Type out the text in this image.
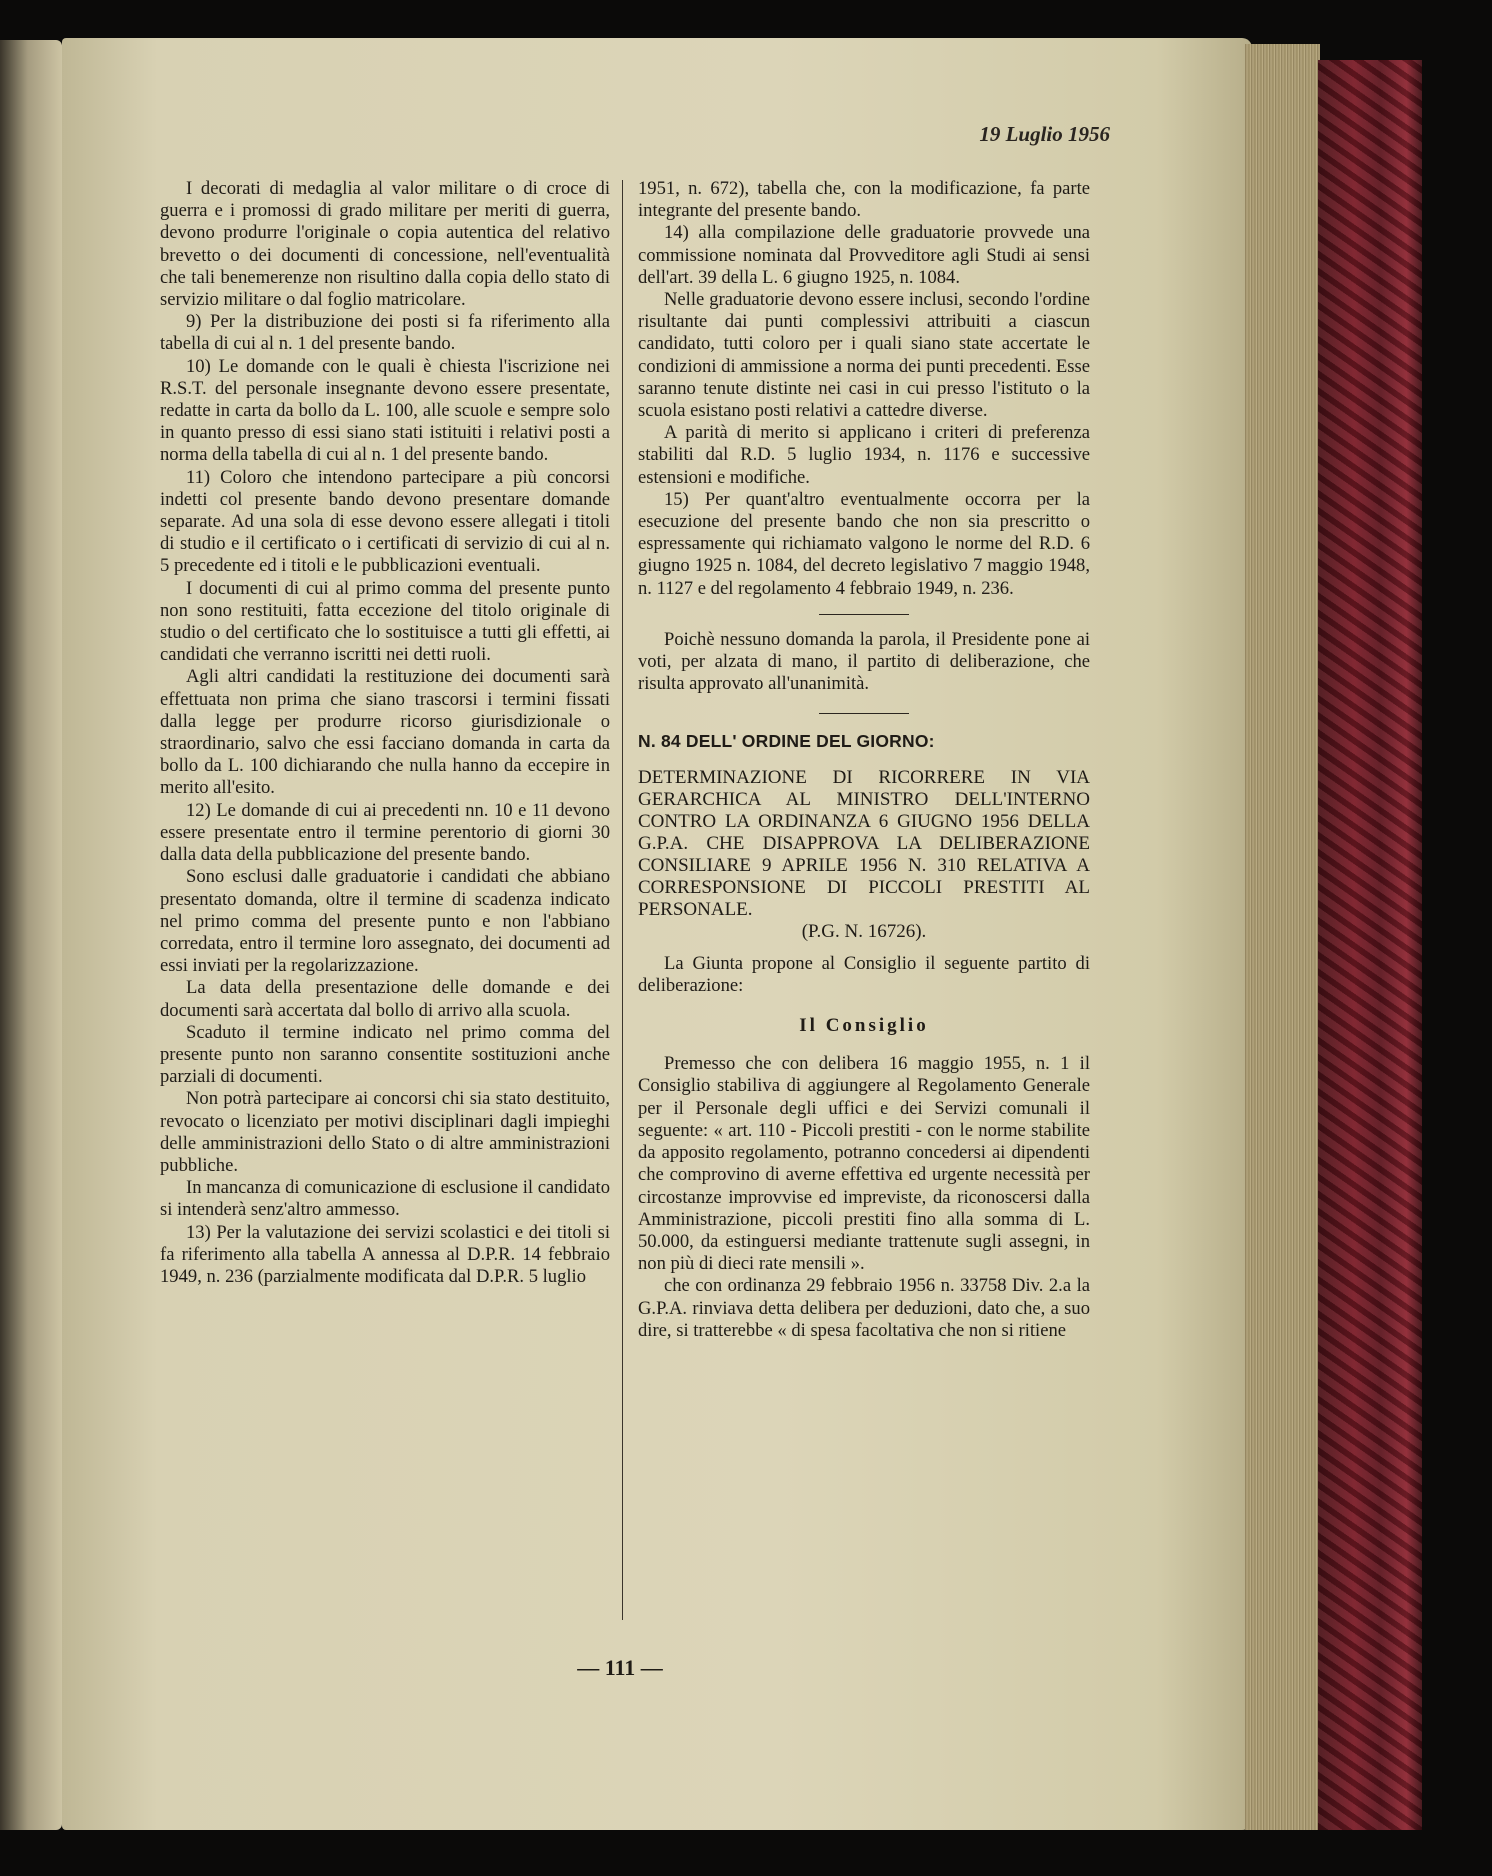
19 Luglio 1956

I decorati di medaglia al valor militare o di croce di guerra e i promossi di grado militare per meriti di guerra, devono produrre l'originale o copia autentica del relativo brevetto o dei documenti di concessione, nell'eventualità che tali benemerenze non risultino dalla copia dello stato di servizio militare o dal foglio matricolare.

9) Per la distribuzione dei posti si fa riferimento alla tabella di cui al n. 1 del presente bando.

10) Le domande con le quali è chiesta l'iscrizione nei R.S.T. del personale insegnante devono essere presentate, redatte in carta da bollo da L. 100, alle scuole e sempre solo in quanto presso di essi siano stati istituiti i relativi posti a norma della tabella di cui al n. 1 del presente bando.

11) Coloro che intendono partecipare a più concorsi indetti col presente bando devono presentare domande separate. Ad una sola di esse devono essere allegati i titoli di studio e il certificato o i certificati di servizio di cui al n. 5 precedente ed i titoli e le pubblicazioni eventuali.

I documenti di cui al primo comma del presente punto non sono restituiti, fatta eccezione del titolo originale di studio o del certificato che lo sostituisce a tutti gli effetti, ai candidati che verranno iscritti nei detti ruoli.

Agli altri candidati la restituzione dei documenti sarà effettuata non prima che siano trascorsi i termini fissati dalla legge per produrre ricorso giurisdizionale o straordinario, salvo che essi facciano domanda in carta da bollo da L. 100 dichiarando che nulla hanno da eccepire in merito all'esito.

12) Le domande di cui ai precedenti nn. 10 e 11 devono essere presentate entro il termine perentorio di giorni 30 dalla data della pubblicazione del presente bando.

Sono esclusi dalle graduatorie i candidati che abbiano presentato domanda, oltre il termine di scadenza indicato nel primo comma del presente punto e non l'abbiano corredata, entro il termine loro assegnato, dei documenti ad essi inviati per la regolarizzazione.

La data della presentazione delle domande e dei documenti sarà accertata dal bollo di arrivo alla scuola.

Scaduto il termine indicato nel primo comma del presente punto non saranno consentite sostituzioni anche parziali di documenti.

Non potrà partecipare ai concorsi chi sia stato destituito, revocato o licenziato per motivi disciplinari dagli impieghi delle amministrazioni dello Stato o di altre amministrazioni pubbliche.

In mancanza di comunicazione di esclusione il candidato si intenderà senz'altro ammesso.

13) Per la valutazione dei servizi scolastici e dei titoli si fa riferimento alla tabella A annessa al D.P.R. 14 febbraio 1949, n. 236 (parzialmente modificata dal D.P.R. 5 luglio

1951, n. 672), tabella che, con la modificazione, fa parte integrante del presente bando.

14) alla compilazione delle graduatorie provvede una commissione nominata dal Provveditore agli Studi ai sensi dell'art. 39 della L. 6 giugno 1925, n. 1084.

Nelle graduatorie devono essere inclusi, secondo l'ordine risultante dai punti complessivi attribuiti a ciascun candidato, tutti coloro per i quali siano state accertate le condizioni di ammissione a norma dei punti precedenti. Esse saranno tenute distinte nei casi in cui presso l'istituto o la scuola esistano posti relativi a cattedre diverse.

A parità di merito si applicano i criteri di preferenza stabiliti dal R.D. 5 luglio 1934, n. 1176 e successive estensioni e modifiche.

15) Per quant'altro eventualmente occorra per la esecuzione del presente bando che non sia prescritto o espressamente qui richiamato valgono le norme del R.D. 6 giugno 1925 n. 1084, del decreto legislativo 7 maggio 1948, n. 1127 e del regolamento 4 febbraio 1949, n. 236.

Poichè nessuno domanda la parola, il Presidente pone ai voti, per alzata di mano, il partito di deliberazione, che risulta approvato all'unanimità.

N. 84 DELL' ORDINE DEL GIORNO:

DETERMINAZIONE DI RICORRERE IN VIA GERARCHICA AL MINISTRO DELL'INTERNO CONTRO LA ORDINANZA 6 GIUGNO 1956 DELLA G.P.A. CHE DISAPPROVA LA DELIBERAZIONE CONSILIARE 9 APRILE 1956 N. 310 RELATIVA A CORRESPONSIONE DI PICCOLI PRESTITI AL PERSONALE.

(P.G. N. 16726).

La Giunta propone al Consiglio il seguente partito di deliberazione:

Il Consiglio

Premesso che con delibera 16 maggio 1955, n. 1 il Consiglio stabiliva di aggiungere al Regolamento Generale per il Personale degli uffici e dei Servizi comunali il seguente: « art. 110 - Piccoli prestiti - con le norme stabilite da apposito regolamento, potranno concedersi ai dipendenti che comprovino di averne effettiva ed urgente necessità per circostanze improvvise ed impreviste, da riconoscersi dalla Amministrazione, piccoli prestiti fino alla somma di L. 50.000, da estinguersi mediante trattenute sugli assegni, in non più di dieci rate mensili ».

che con ordinanza 29 febbraio 1956 n. 33758 Div. 2.a la G.P.A. rinviava detta delibera per deduzioni, dato che, a suo dire, si tratterebbe « di spesa facoltativa che non si ritiene

— 111 —
